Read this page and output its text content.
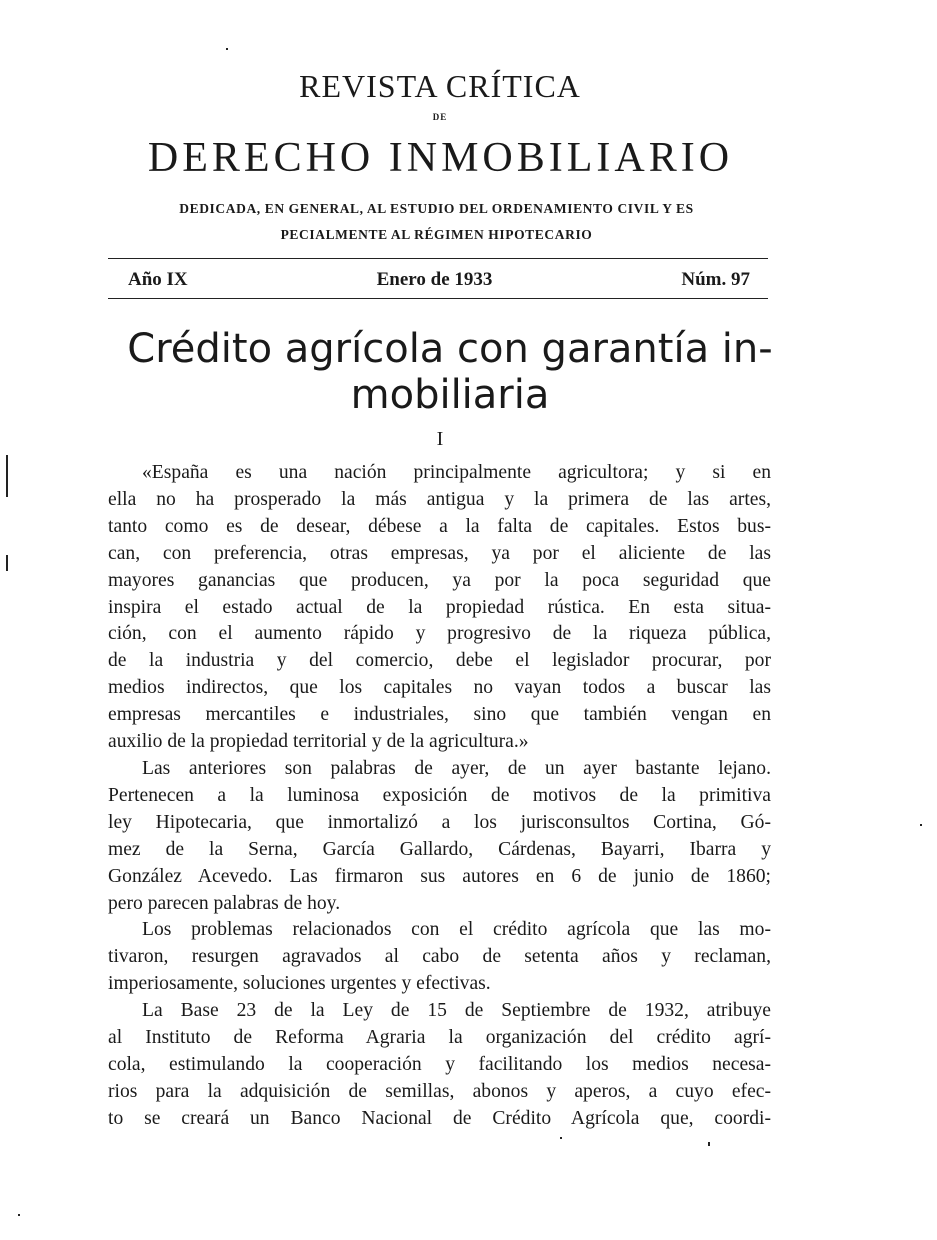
REVISTA CRÍTICA
DE
DERECHO INMOBILIARIO
DEDICADA, EN GENERAL, AL ESTUDIO DEL ORDENAMIENTO CIVIL Y ES
PECIALMENTE AL RÉGIMEN HIPOTECARIO
Año IX	Enero de 1933	Núm. 97
Crédito agrícola con garantía in-
mobiliaria
I

«España es una nación principalmente agricultora; y si en
ella no ha prosperado la más antigua y la primera de las artes,
tanto como es de desear, débese a la falta de capitales. Estos bus-
can, con preferencia, otras empresas, ya por el aliciente de las
mayores ganancias que producen, ya por la poca seguridad que
inspira el estado actual de la propiedad rústica. En esta situa-
ción, con el aumento rápido y progresivo de la riqueza pública,
de la industria y del comercio, debe el legislador procurar, por
medios indirectos, que los capitales no vayan todos a buscar las
empresas mercantiles e industriales, sino que también vengan en
auxilio de la propiedad territorial y de la agricultura.»

Las anteriores son palabras de ayer, de un ayer bastante lejano.
Pertenecen a la luminosa exposición de motivos de la primitiva
ley Hipotecaria, que inmortalizó a los jurisconsultos Cortina, Gó-
mez de la Serna, García Gallardo, Cárdenas, Bayarri, Ibarra y
González Acevedo. Las firmaron sus autores en 6 de junio de 1860;
pero parecen palabras de hoy.

Los problemas relacionados con el crédito agrícola que las mo-
tivaron, resurgen agravados al cabo de setenta años y reclaman,
imperiosamente, soluciones urgentes y efectivas.

La Base 23 de la Ley de 15 de Septiembre de 1932, atribuye
al Instituto de Reforma Agraria la organización del crédito agrí-
cola, estimulando la cooperación y facilitando los medios necesa-
rios para la adquisición de semillas, abonos y aperos, a cuyo efec-
to se creará un Banco Nacional de Crédito Agrícola que, coordi-
